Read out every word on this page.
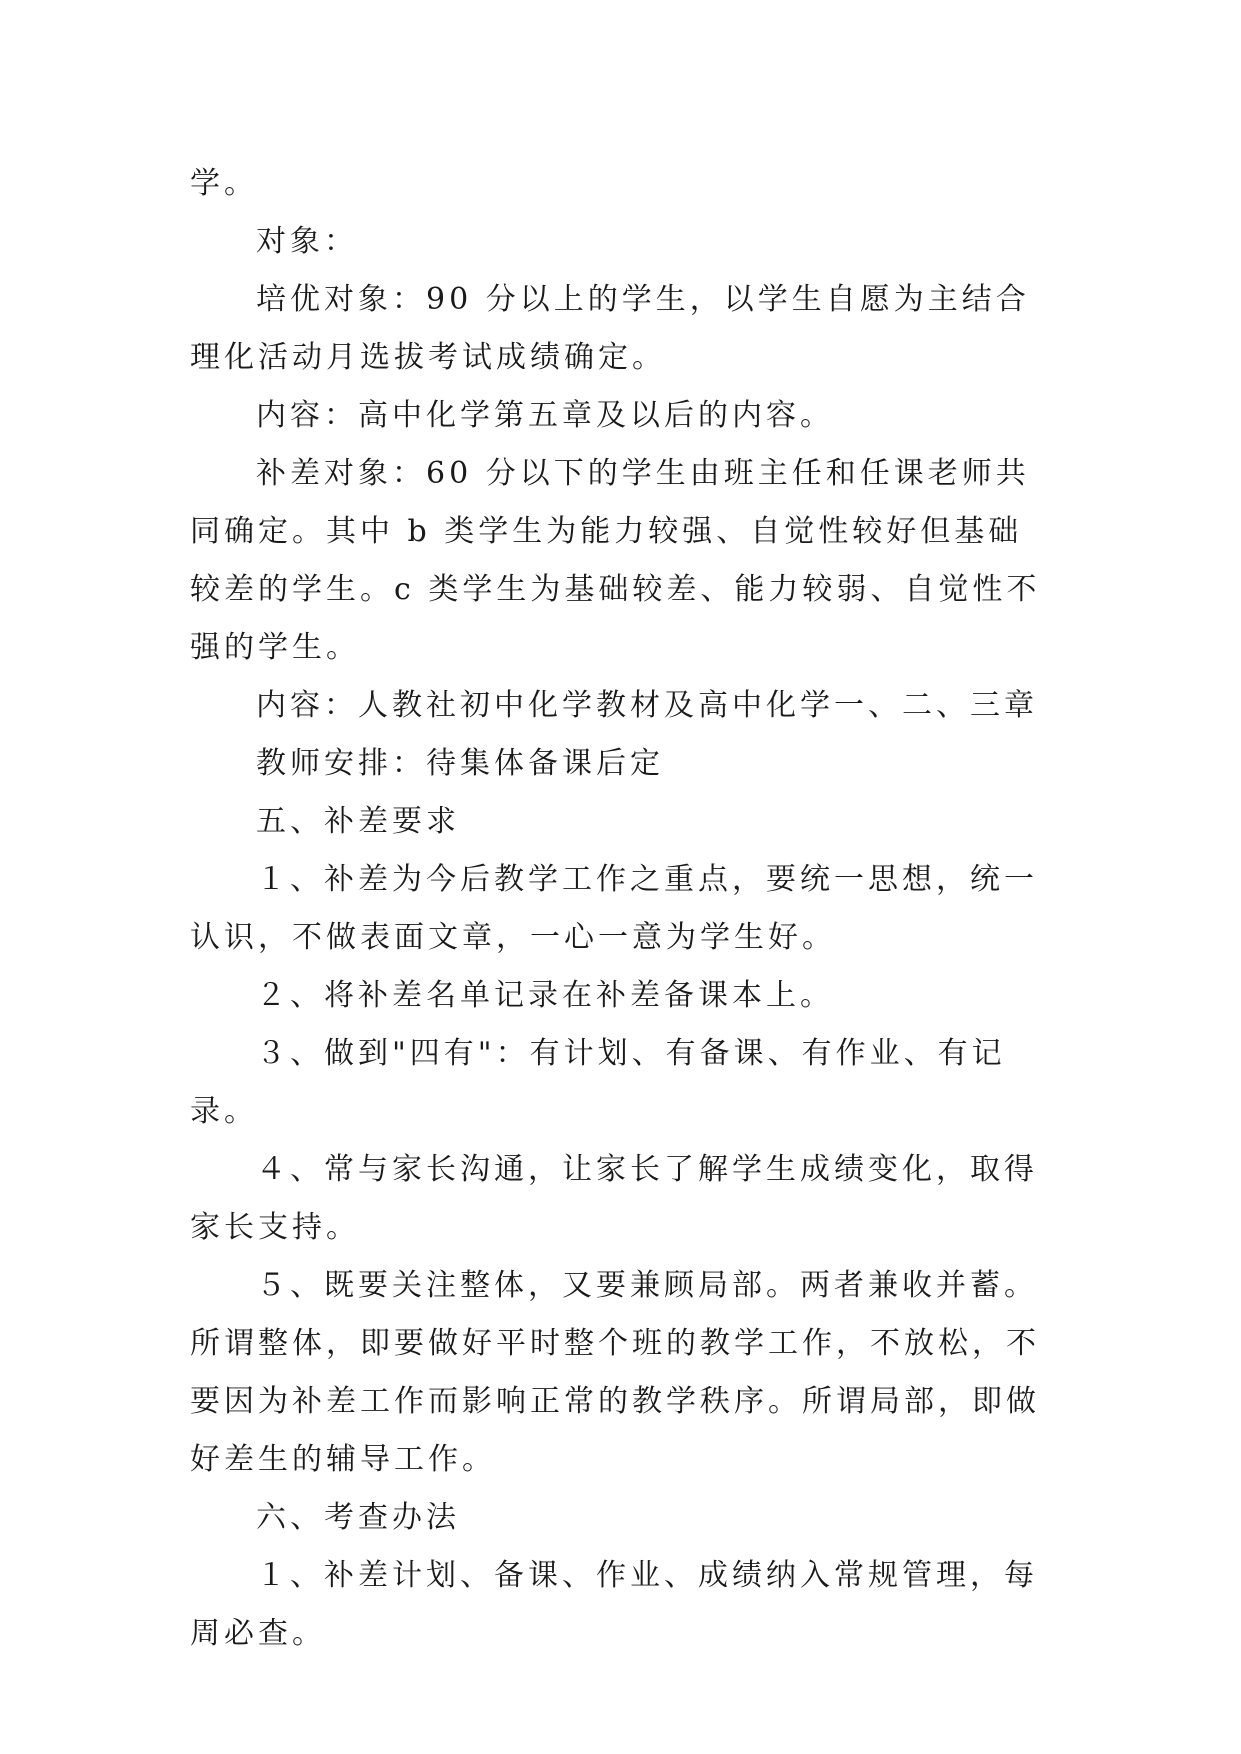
学。

对象：

培优对象：90 分以上的学生，以学生自愿为主结合理化活动月选拔考试成绩确定。

内容：高中化学第五章及以后的内容。

补差对象：60 分以下的学生由班主任和任课老师共同确定。其中 b 类学生为能力较强、自觉性较好但基础较差的学生。c 类学生为基础较差、能力较弱、自觉性不强的学生。

内容：人教社初中化学教材及高中化学一、二、三章

教师安排：待集体备课后定

五、补差要求

１、补差为今后教学工作之重点，要统一思想，统一认识，不做表面文章，一心一意为学生好。

２、将补差名单记录在补差备课本上。

３、做到"四有"：有计划、有备课、有作业、有记录。

４、常与家长沟通，让家长了解学生成绩变化，取得家长支持。

５、既要关注整体，又要兼顾局部。两者兼收并蓄。所谓整体，即要做好平时整个班的教学工作，不放松，不要因为补差工作而影响正常的教学秩序。所谓局部，即做好差生的辅导工作。

六、考查办法

１、补差计划、备课、作业、成绩纳入常规管理，每周必查。
